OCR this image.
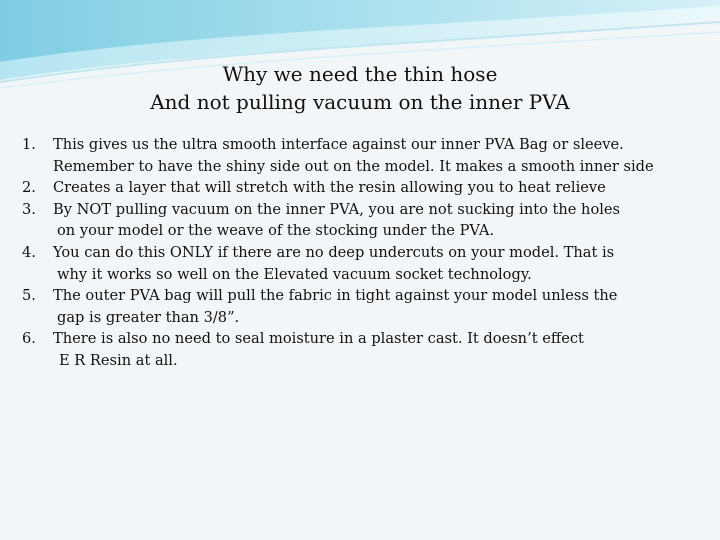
Why we need the thin hose
And not pulling vacuum on the inner PVA
1. This gives us the ultra smooth interface against our inner PVA Bag or sleeve.
Remember to have the shiny side out on the model. It makes a smooth inner side
2. Creates a layer that will stretch with the resin allowing you to heat relieve
3. By NOT pulling vacuum on the inner PVA, you are not sucking into the holes
on your model or the weave of the stocking under the PVA.
4. You can do this ONLY if there are no deep undercuts on your model. That is
why it works so well on the Elevated vacuum socket technology.
5. The outer PVA bag will pull the fabric in tight against your model unless the
gap is greater than 3/8”.
6. There is also no need to seal moisture in a plaster cast. It doesn’t effect
E R Resin at all.
